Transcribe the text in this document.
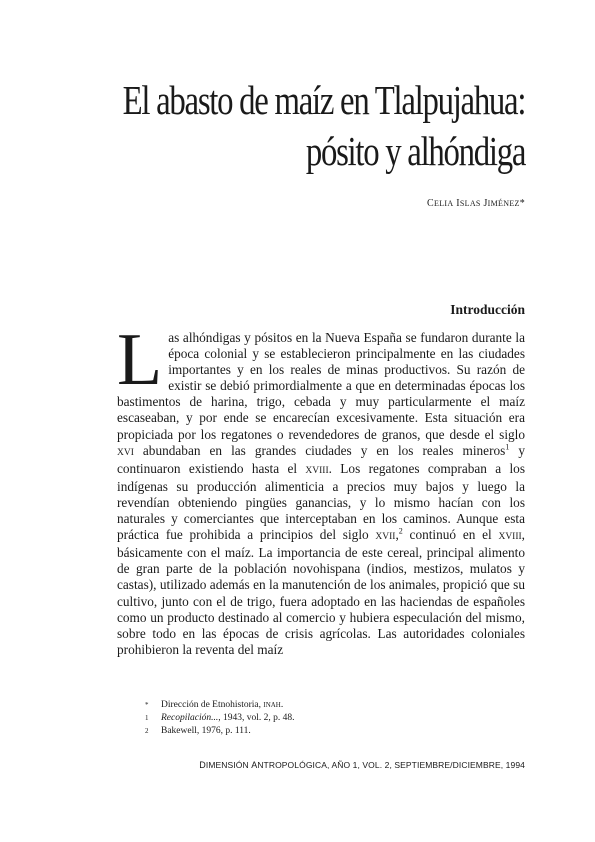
El abasto de maíz en Tlalpujahua:
pósito y alhóndiga
CELIA ISLAS JIMÉNEZ*
Introducción

Las alhóndigas y pósitos en la Nueva España se fundaron durante la época colonial y se establecieron principalmente en las ciudades importantes y en los reales de minas productivos. Su razón de existir se debió primordialmente a que en determinadas épocas los bastimentos de harina, trigo, cebada y muy particularmente el maíz escaseaban, y por ende se encarecían excesivamente. Esta situación era propiciada por los regatones o revendedores de granos, que desde el siglo XVI abundaban en las grandes ciudades y en los reales mineros$^1$ y continuaron existiendo hasta el XVIII. Los regatones compraban a los indígenas su producción alimenticia a precios muy bajos y luego la revendían obteniendo pingües ganancias, y lo mismo hacían con los naturales y comerciantes que interceptaban en los caminos. Aunque esta práctica fue prohibida a principios del siglo XVII,$^2$ continuó en el XVIII, básicamente con el maíz. La importancia de este cereal, principal alimento de gran parte de la población novohispana (indios, mestizos, mulatos y castas), utilizado además en la manutención de los animales, propició que su cultivo, junto con el de trigo, fuera adoptado en las haciendas de españoles como un producto destinado al comercio y hubiera especulación del mismo, sobre todo en las épocas de crisis agrícolas. Las autoridades coloniales prohibieron la reventa del maíz

* Dirección de Etnohistoria, INAH.
1 Recopilación..., 1943, vol. 2, p. 48.
2 Bakewell, 1976, p. 111.
DIMENSIÓN ANTROPOLÓGICA, AÑO 1, VOL. 2, SEPTIEMBRE/DICIEMBRE, 1994
